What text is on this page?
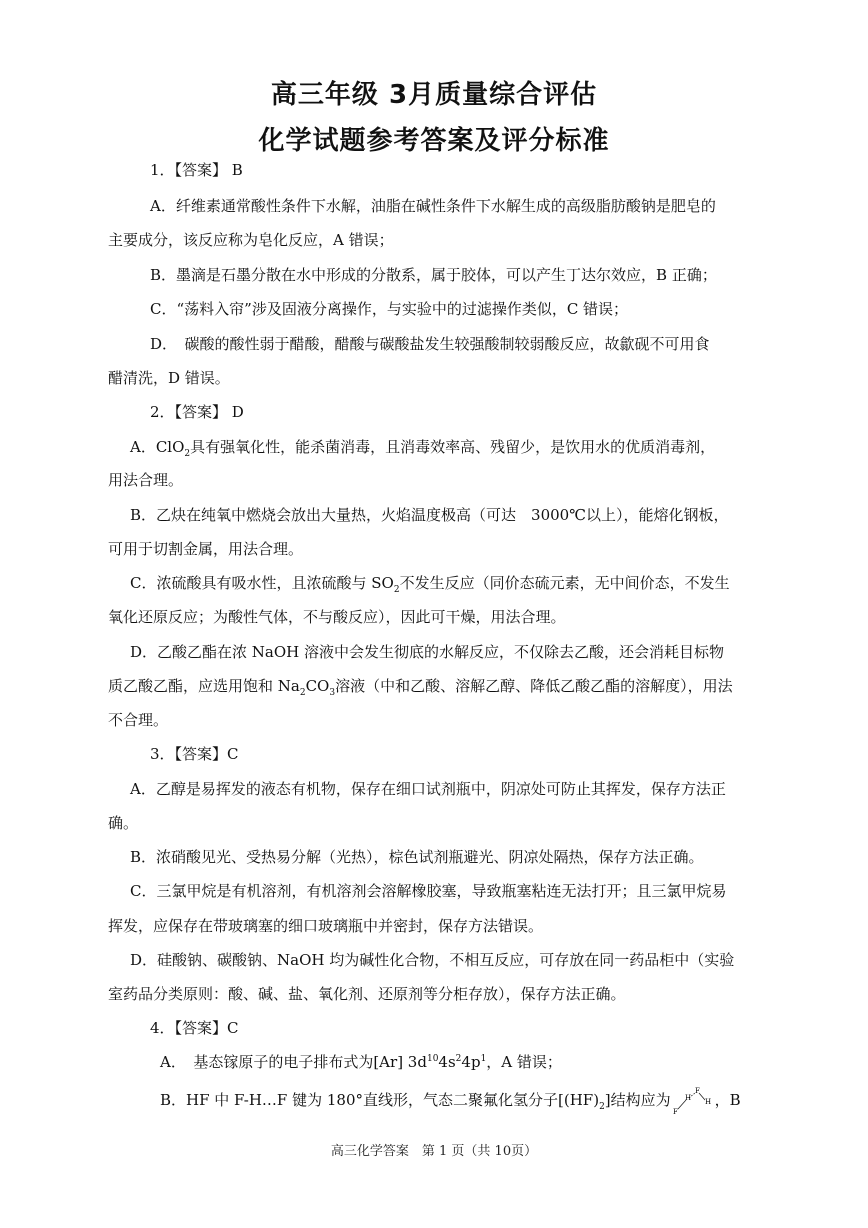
高三年级 3月质量综合评估
化学试题参考答案及评分标准
1．【答案】 B
A．纤维素通常酸性条件下水解，油脂在碱性条件下水解生成的高级脂肪酸钠是肥皂的
主要成分，该反应称为皂化反应，A 错误；
B．墨滴是石墨分散在水中形成的分散系，属于胶体，可以产生丁达尔效应，B 正确；
C．“荡料入帘”涉及固液分离操作，与实验中的过滤操作类似，C 错误；
D．　碳酸的酸性弱于醋酸，醋酸与碳酸盐发生较强酸制较弱酸反应，故歙砚不可用食
醋清洗，D 错误。
2．【答案】 D
A．ClO$_2$具有强氧化性，能杀菌消毒，且消毒效率高、残留少，是饮用水的优质消毒剂，
用法合理。
B．乙炔在纯氧中燃烧会放出大量热，火焰温度极高（可达　3000℃以上），能熔化钢板，
可用于切割金属，用法合理。
C．浓硫酸具有吸水性，且浓硫酸与 $SO_2$不发生反应（同价态硫元素，无中间价态，不发生
氧化还原反应；为酸性气体，不与酸反应），因此可干燥，用法合理。
D．乙酸乙酯在浓 NaOH 溶液中会发生彻底的水解反应，不仅除去乙酸，还会消耗目标物
质乙酸乙酯，应选用饱和 $Na_2CO_3$溶液（中和乙酸、溶解乙醇、降低乙酸乙酯的溶解度），用法
不合理。
3．【答案】C
A．乙醇是易挥发的液态有机物，保存在细口试剂瓶中，阴凉处可防止其挥发，保存方法正
确。
B．浓硝酸见光、受热易分解（光热），棕色试剂瓶避光、阴凉处隔热，保存方法正确。
C．三氯甲烷是有机溶剂，有机溶剂会溶解橡胶塞，导致瓶塞粘连无法打开；且三氯甲烷易
挥发，应保存在带玻璃塞的细口玻璃瓶中并密封，保存方法错误。
D．硅酸钠、碳酸钠、NaOH 均为碱性化合物，不相互反应，可存放在同一药品柜中（实验
室药品分类原则：酸、碱、盐、氧化剂、还原剂等分柜存放），保存方法正确。
4．【答案】C
A．　基态镓原子的电子排布式为[Ar] $3d^{10}4s^24p^1$，A 错误；
B．HF 中 F-H…F 键为 180°直线形，气态二聚氟化氢分子$[(HF)_2]$结构应为
F
H H
F ，B
高三化学答案　第 1 页（共 10页）
